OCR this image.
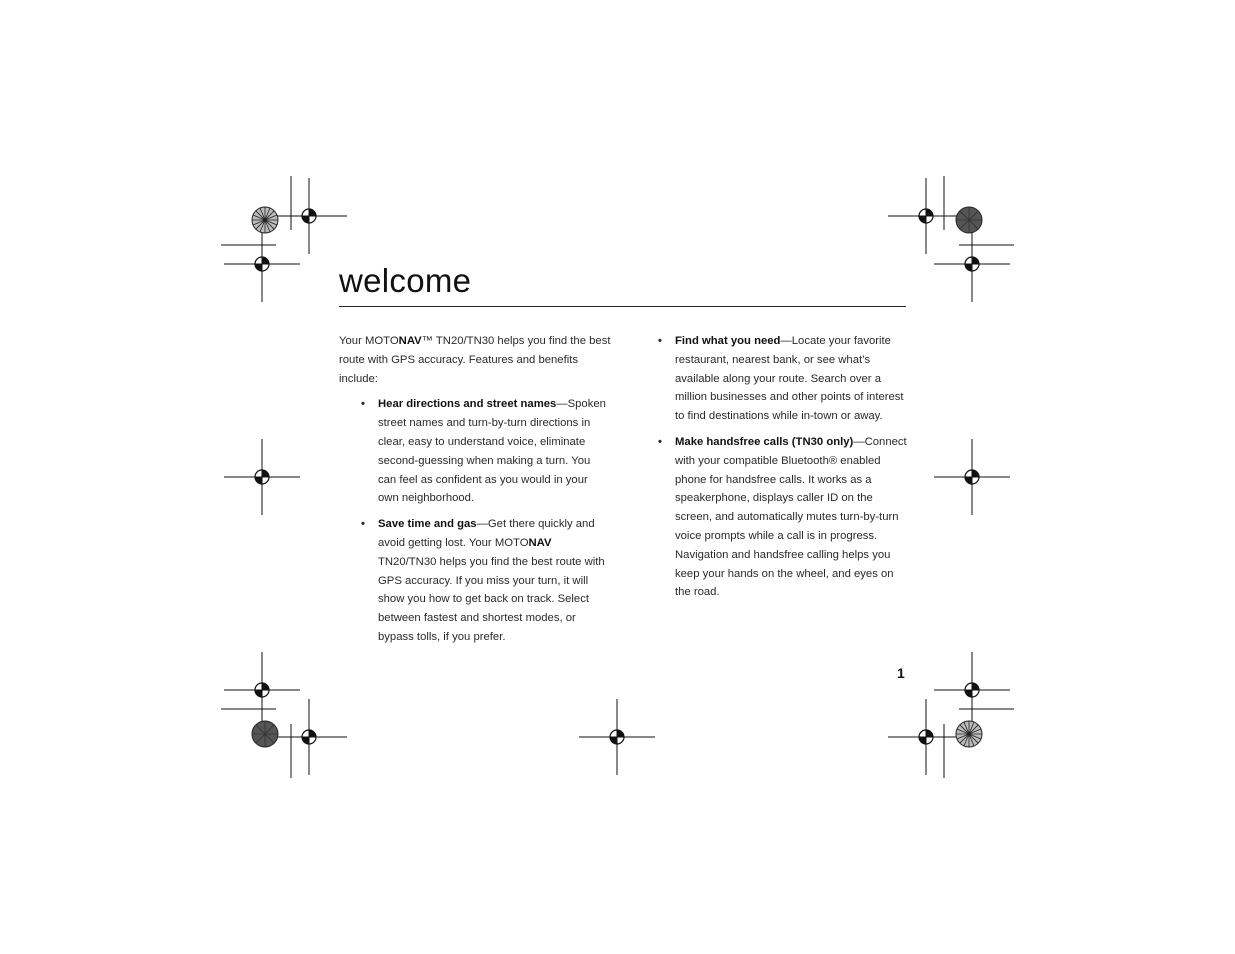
welcome

Your MOTONAV™ TN20/TN30 helps you find the best route with GPS accuracy. Features and benefits include:

• Hear directions and street names—Spoken street names and turn-by-turn directions in clear, easy to understand voice, eliminate second-guessing when making a turn. You can feel as confident as you would in your own neighborhood.
• Save time and gas—Get there quickly and avoid getting lost. Your MOTONAV TN20/TN30 helps you find the best route with GPS accuracy. If you miss your turn, it will show you how to get back on track. Select between fastest and shortest modes, or bypass tolls, if you prefer.
• Find what you need—Locate your favorite restaurant, nearest bank, or see what’s available along your route. Search over a million businesses and other points of interest to find destinations while in-town or away.
• Make handsfree calls (TN30 only)—Connect with your compatible Bluetooth® enabled phone for handsfree calls. It works as a speakerphone, displays caller ID on the screen, and automatically mutes turn-by-turn voice prompts while a call is in progress. Navigation and handsfree calling helps you keep your hands on the wheel, and eyes on the road.
1
